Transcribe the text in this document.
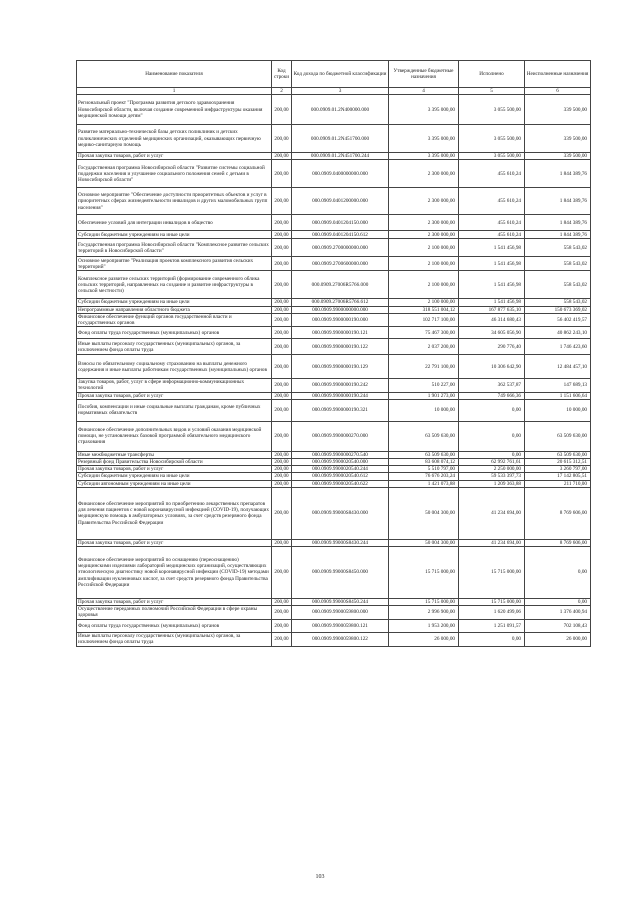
Наименование показателя	Код строки	Код дохода по бюджетной классификации	Утвержденные бюджетные назначения	Исполнено	Неисполненные назначения
1	2	3	4	5	6
Региональный проект "Программа развития детского здравоохранения Новосибирской области, включая создание современной инфраструктуры оказания медицинской помощи детям"	200,00	000.0909.01.2N400000.000	3 395 000,00	3 055 500,00	339 500,00
Развитие материально-технической базы детских поликлиник и детских поликлинических отделений медицинских организаций, оказывающих первичную медико-санитарную помощь	200,00	000.0909.01.2N451700.000	3 395 000,00	3 055 500,00	339 500,00
Прочая закупка товаров, работ и услуг	200,00	000.0909.01.2N451700.244	3 395 000,00	3 055 500,00	339 500,00
Государственная программа Новосибирской области "Развитие системы социальной поддержки населения и улучшение социального положения семей с детьми в Новосибирской области"	200,00	000.0909.0400000000.000	2 300 000,00	455 610,24	1 844 389,76
Основное мероприятие "Обеспечение доступности приоритетных объектов и услуг в приоритетных сферах жизнедеятельности инвалидов и других маломобильных групп населения"	200,00	000.0909.0401200000.000	2 300 000,00	455 610,24	1 844 389,76
Обеспечение условий для интеграции инвалидов в общество	200,00	000.0909.0401204150.000	2 300 000,00	455 610,24	1 844 389,76
Субсидии бюджетным учреждениям на иные цели	200,00	000.0909.0401204150.612	2 300 000,00	455 610,24	1 844 389,76
Государственная программа Новосибирской области "Комплексное развитие сельских территорий в Новосибирской области"	200,00	000.0909.2700000000.000	2 100 000,00	1 541 456,98	558 543,02
Основное мероприятие "Реализация проектов комплексного развития сельских территорий"	200,00	000.0909.2700600000.000	2 100 000,00	1 541 456,98	558 543,02
Комплексное развитие сельских территорий (формирование современного облика сельских территорий, направленных на создание и развитие инфраструктуры в сельской местности)	200,00	000.0909.27006R5766.000	2 100 000,00	1 541 456,98	558 543,02
Субсидии бюджетным учреждениям на иные цели	200,00	000.0909.27006R5766.612	2 100 000,00	1 541 456,98	558 543,02
Непрограммные направления областного бюджета	200,00	000.0909.9900000000.000	318 551 004,12	167 877 635,10	150 673 369,02
Финансовое обеспечение функций органов государственной власти и государственных органов	200,00	000.0909.9900000190.000	102 717 100,00	46 314 680,43	56 402 419,57
Фонд оплаты труда государственных (муниципальных) органов	200,00	000.0909.9900000190.121	75 467 300,00	34 605 056,90	40 862 243,10
Иные выплаты персоналу государственных (муниципальных) органов, за исключением фонда оплаты труда	200,00	000.0909.9900000190.122	2 037 200,00	290 776,40	1 746 423,60
Взносы по обязательному социальному страхованию на выплаты денежного содержания и иные выплаты работникам государственных (муниципальных) органов	200,00	000.0909.9900000190.129	22 791 100,00	10 306 642,90	12 484 457,10
Закупка товаров, работ, услуг в сфере информационно-коммуникационных технологий	200,00	000.0909.9900000190.242	510 227,00	362 537,87	147 689,13
Прочая закупка товаров, работ и услуг	200,00	000.0909.9900000190.244	1 901 273,00	749 666,36	1 151 606,64
Пособия, компенсации и иные социальные выплаты гражданам, кроме публичных нормативных обязательств	200,00	000.0909.9900000190.321	10 000,00	0,00	10 000,00
Финансовое обеспечение дополнительных видов и условий оказания медицинской помощи, не установленных базовой программой обязательного медицинского страхования	200,00	000.0909.9900000270.000	63 509 630,00	0,00	63 509 630,00
Иные межбюджетные трансферты	200,00	000.0909.9900000270.540	63 509 630,00	0,00	63 509 630,00
Резервный фонд Правительства Новосибирской области	200,00	000.0909.9900020540.000	83 608 074,12	62 992 761,61	20 615 312,51
Прочая закупка товаров, работ и услуг	200,00	000.0909.9900020540.244	5 510 797,00	2 250 000,00	3 260 797,00
Субсидии бюджетным учреждениям на иные цели	200,00	000.0909.9900020540.612	76 676 203,24	59 533 397,73	17 142 805,51
Субсидии автономным учреждениям на иные цели	200,00	000.0909.9900020540.622	1 421 073,88	1 209 363,88	211 710,00
Финансовое обеспечение мероприятий по приобретению лекарственных препаратов для лечения пациентов с новой коронавирусной инфекцией (COVID-19), получающих медицинскую помощь в амбулаторных условиях, за счет средств резервного фонда Правительства Российской Федерации	200,00	000.0909.99000S8430.000	50 004 300,00	41 234 694,00	8 769 606,00
Прочая закупка товаров, работ и услуг	200,00	000.0909.99000S8430.244	50 004 300,00	41 234 694,00	8 769 606,00
Финансовое обеспечение мероприятий по оснащению (переоснащению) медицинскими изделиями лабораторий медицинских организаций, осуществляющих этиологическую диагностику новой коронавирусной инфекции (COVID-19) методами амплификации нуклеиновых кислот, за счет средств резервного фонда Правительства Российской Федерации	200,00	000.0909.99000S8450.000	15 715 000,00	15 715 000,00	0,00
Прочая закупка товаров, работ и услуг	200,00	000.0909.99000S8450.244	15 715 000,00	15 715 000,00	0,00
Осуществление переданных полномочий Российской Федерации в сфере охраны здоровья	200,00	000.0909.9900059800.000	2 996 900,00	1 620 499,06	1 376 400,94
Фонд оплаты труда государственных (муниципальных) органов	200,00	000.0909.9900059800.121	1 953 200,00	1 251 091,57	702 108,43
Иные выплаты персоналу государственных (муниципальных) органов, за исключением фонда оплаты труда	200,00	000.0909.9900059800.122	26 000,00	0,00	26 000,00
103
